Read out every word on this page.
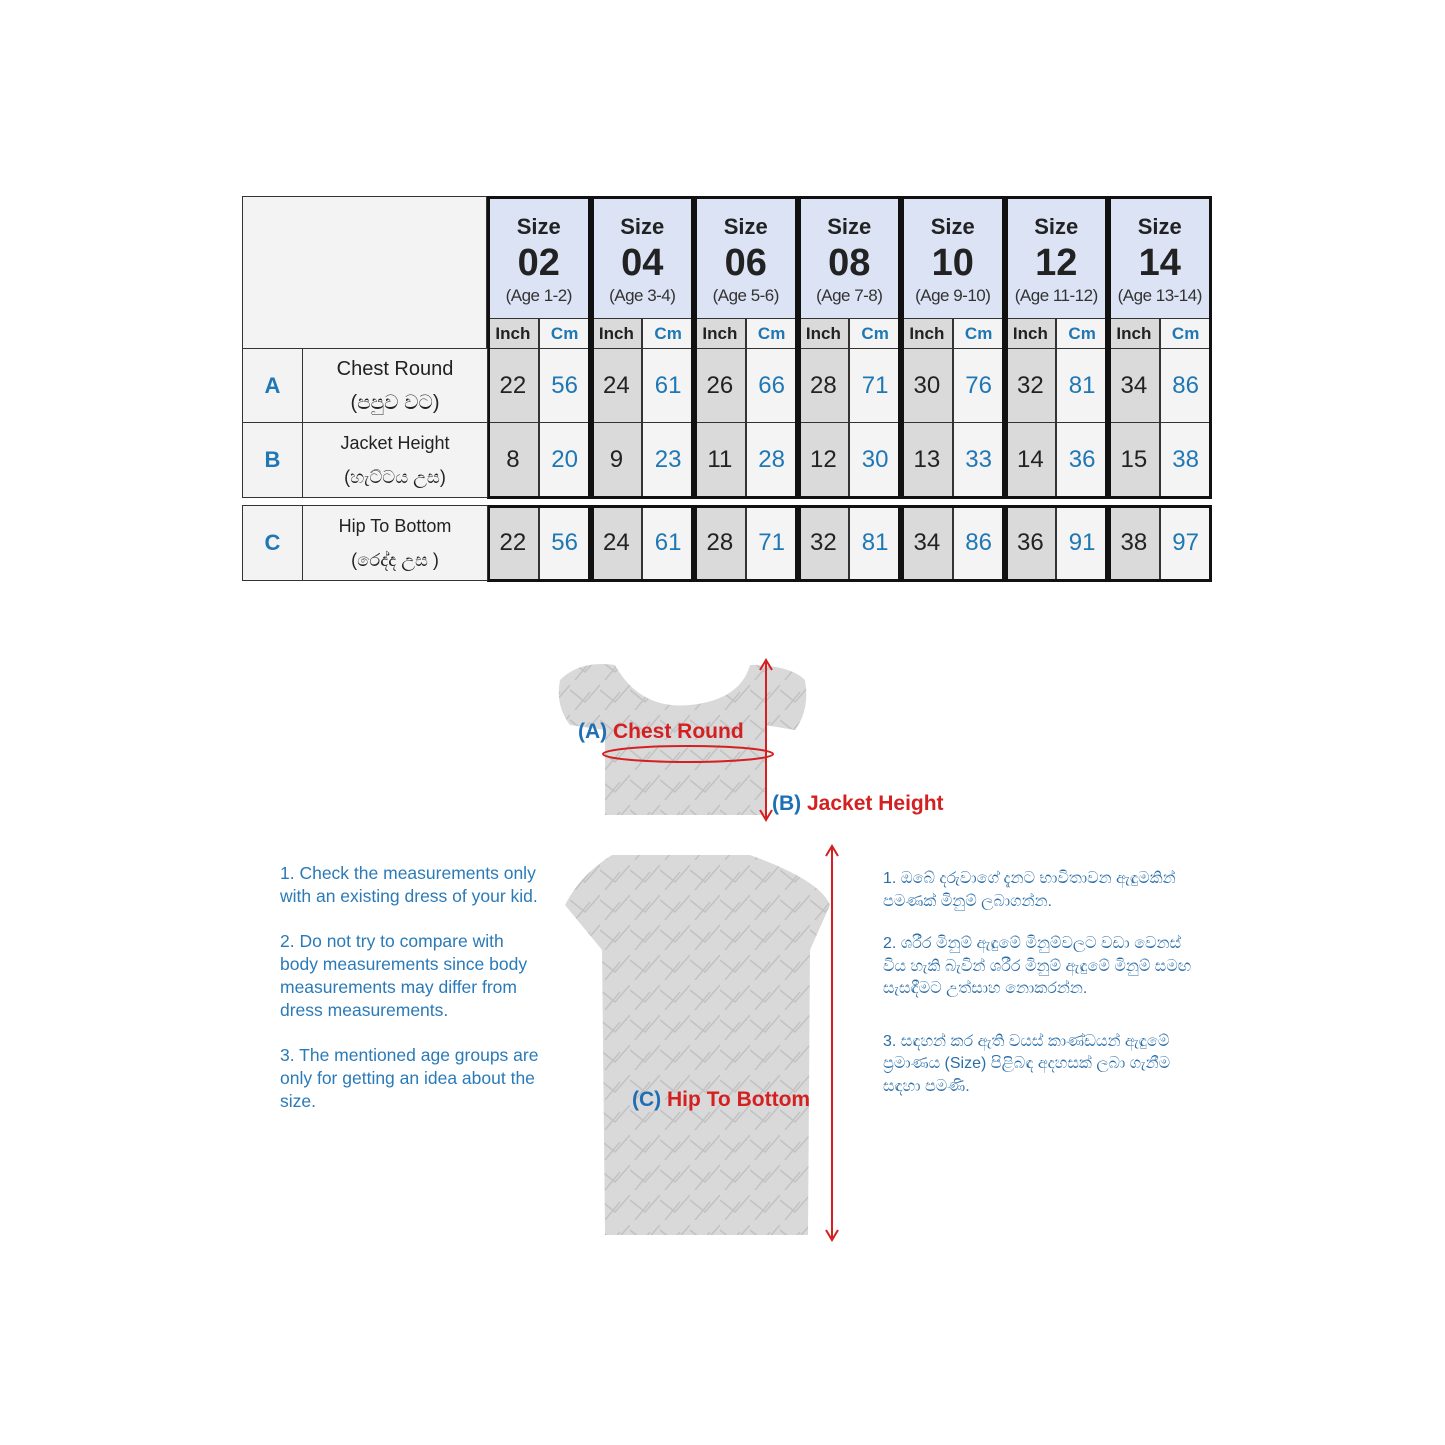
Size
02
(Age 1-2)
Inch Cm
22 56
8 20
22 56
Size
04
(Age 3-4)
Inch Cm
24 61
9 23
24 61
Size
06
(Age 5-6)
Inch Cm
26 66
11 28
28 71
Size
08
(Age 7-8)
Inch Cm
28 71
12 30
32 81
Size
10
(Age 9-10)
Inch Cm
30 76
13 33
34 86
Size
12
(Age 11-12)
Inch Cm
32 81
14 36
36 91
Size
14
(Age 13-14)
Inch Cm
34 86
15 38
38 97
A
Chest Round
(පපුව වට)
B
Jacket Height
(හැට්ටය උස)
C
Hip To Bottom
(රෙද්ද උස )
(A) Chest Round
(B) Jacket Height
(C) Hip To Bottom

1. Check the measurements only with an existing dress of your kid.

2. Do not try to compare with body measurements since body measurements may differ from dress measurements.

3. The mentioned age groups are only for getting an idea about the size.

1. ඔබේ දරුවාගේ දැනට භාවිතාවන ඇඳුමකින් පමණක් මිනුම් ලබාගන්න.

2. ශරීර මිනුම් ඇඳුමේ මිනුම්වලට වඩා වෙනස් විය හැකි බැවින් ශරීර මිනුම් ඇඳුමේ මිනුම් සමඟ සැසඳීමට උත්සාහ නොකරන්න.

3. සඳහන් කර ඇති වයස් කාණ්ඩයන් ඇඳුමේ ප්‍රමාණය (Size) පිළිබඳ අදහසක් ලබා ගැනීම සඳහා පමණි.
